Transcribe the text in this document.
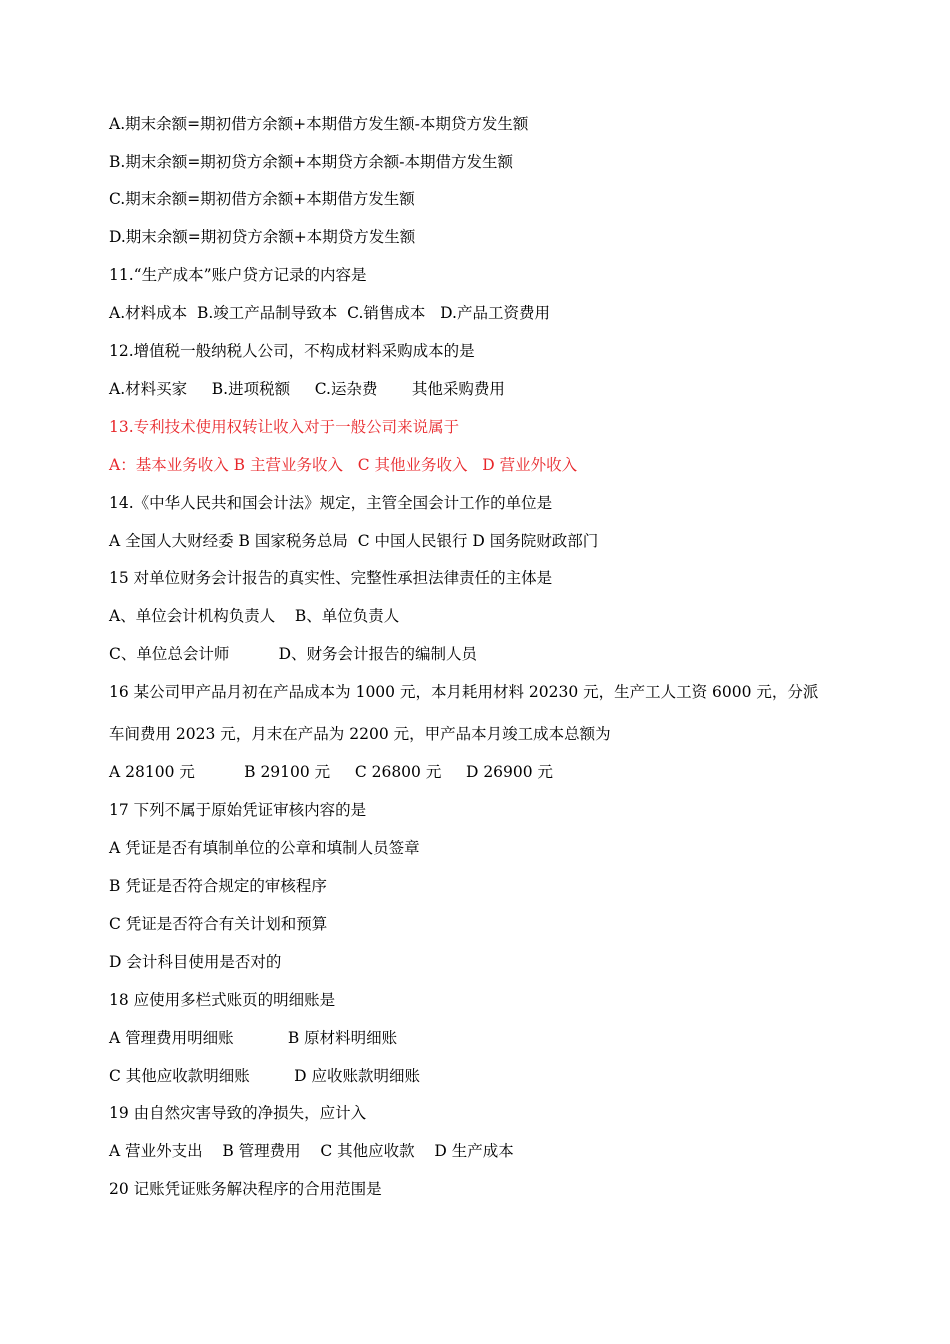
A.期末余额=期初借方余额+本期借方发生额-本期贷方发生额
B.期末余额=期初贷方余额+本期贷方余额-本期借方发生额
C.期末余额=期初借方余额+本期借方发生额
D.期末余额=期初贷方余额+本期贷方发生额
11.“生产成本”账户贷方记录的内容是
A.材料成本  B.竣工产品制导致本  C.销售成本   D.产品工资费用
12.增值税一般纳税人公司，不构成材料采购成本的是
A.材料买家     B.进项税额     C.运杂费       其他采购费用
13.专利技术使用权转让收入对于一般公司来说属于
A：基本业务收入 B 主营业务收入   C 其他业务收入   D 营业外收入
14.《中华人民共和国会计法》规定，主管全国会计工作的单位是
A 全国人大财经委 B 国家税务总局  C 中国人民银行 D 国务院财政部门
15 对单位财务会计报告的真实性、完整性承担法律责任的主体是
A、单位会计机构负责人    B、单位负责人
C、单位总会计师          D、财务会计报告的编制人员
16 某公司甲产品月初在产品成本为 1000 元，本月耗用材料 20230 元，生产工人工资 6000 元，分派
车间费用 2023 元，月末在产品为 2200 元，甲产品本月竣工成本总额为
A 28100 元          B 29100 元     C 26800 元     D 26900 元
17 下列不属于原始凭证审核内容的是
A 凭证是否有填制单位的公章和填制人员签章
B 凭证是否符合规定的审核程序
C 凭证是否符合有关计划和预算
D 会计科目使用是否对的
18 应使用多栏式账页的明细账是
A 管理费用明细账           B 原材料明细账
C 其他应收款明细账         D 应收账款明细账
19 由自然灾害导致的净损失，应计入
A 营业外支出    B 管理费用    C 其他应收款    D 生产成本
20 记账凭证账务解决程序的合用范围是
